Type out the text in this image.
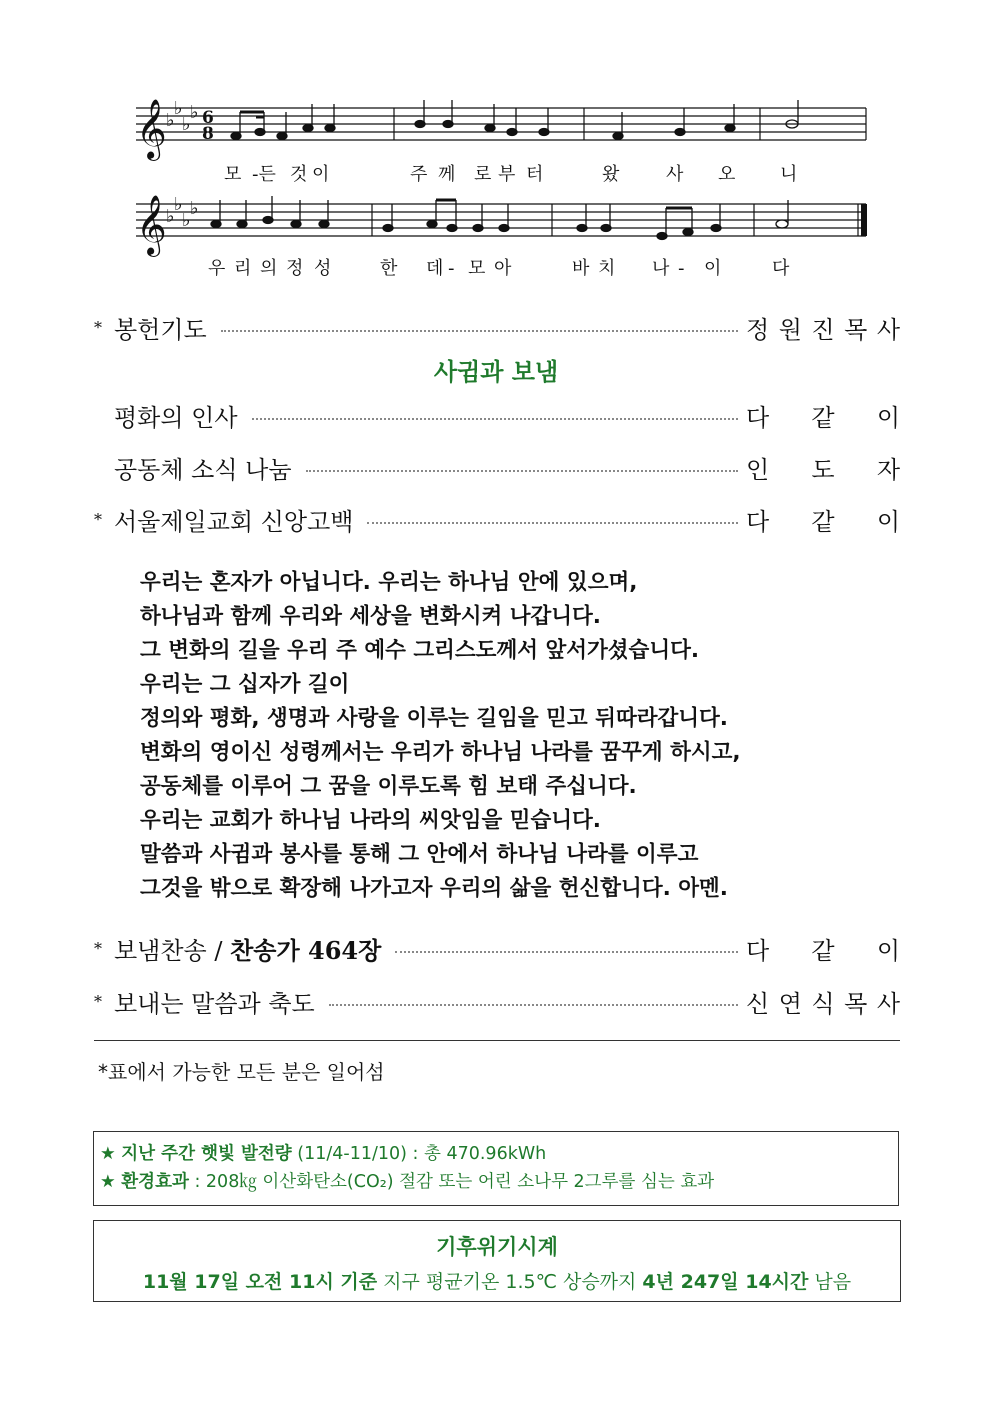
𝄞
𝄞
♭
♭
♭
♭
♭
♭
♭
♭
6
8
모 -든 것 이	주 께 로 부 터	왔	사 오 니
우 리 의 정 성	한 데 - 모 아	바 치 나 - 이	다
* 봉헌기도	정 원 진 목 사
사귐과 보냄
평화의 인사	다 같 이
공동체 소식 나눔	인 도 자
* 서울제일교회 신앙고백	다 같 이
우리는 혼자가 아닙니다. 우리는 하나님 안에 있으며,
하나님과 함께 우리와 세상을 변화시켜 나갑니다.
그 변화의 길을 우리 주 예수 그리스도께서 앞서가셨습니다.
우리는 그 십자가 길이
정의와 평화, 생명과 사랑을 이루는 길임을 믿고 뒤따라갑니다.
변화의 영이신 성령께서는 우리가 하나님 나라를 꿈꾸게 하시고,
공동체를 이루어 그 꿈을 이루도록 힘 보태 주십니다.
우리는 교회가 하나님 나라의 씨앗임을 믿습니다.
말씀과 사귐과 봉사를 통해 그 안에서 하나님 나라를 이루고
그것을 밖으로 확장해 나가고자 우리의 삶을 헌신합니다. 아멘.
* 보냄찬송 / 찬송가 464장	다 같 이
* 보내는 말씀과 축도	신 연 식 목 사
*표에서 가능한 모든 분은 일어섬
★ 지난 주간 햇빛 발전량 (11/4-11/10) : 총 470.96kWh
★ 환경효과 : 208㎏ 이산화탄소(CO₂) 절감 또는 어린 소나무 2그루를 심는 효과
기후위기시계
11월 17일 오전 11시 기준 지구 평균기온 1.5℃ 상승까지 4년 247일 14시간 남음
